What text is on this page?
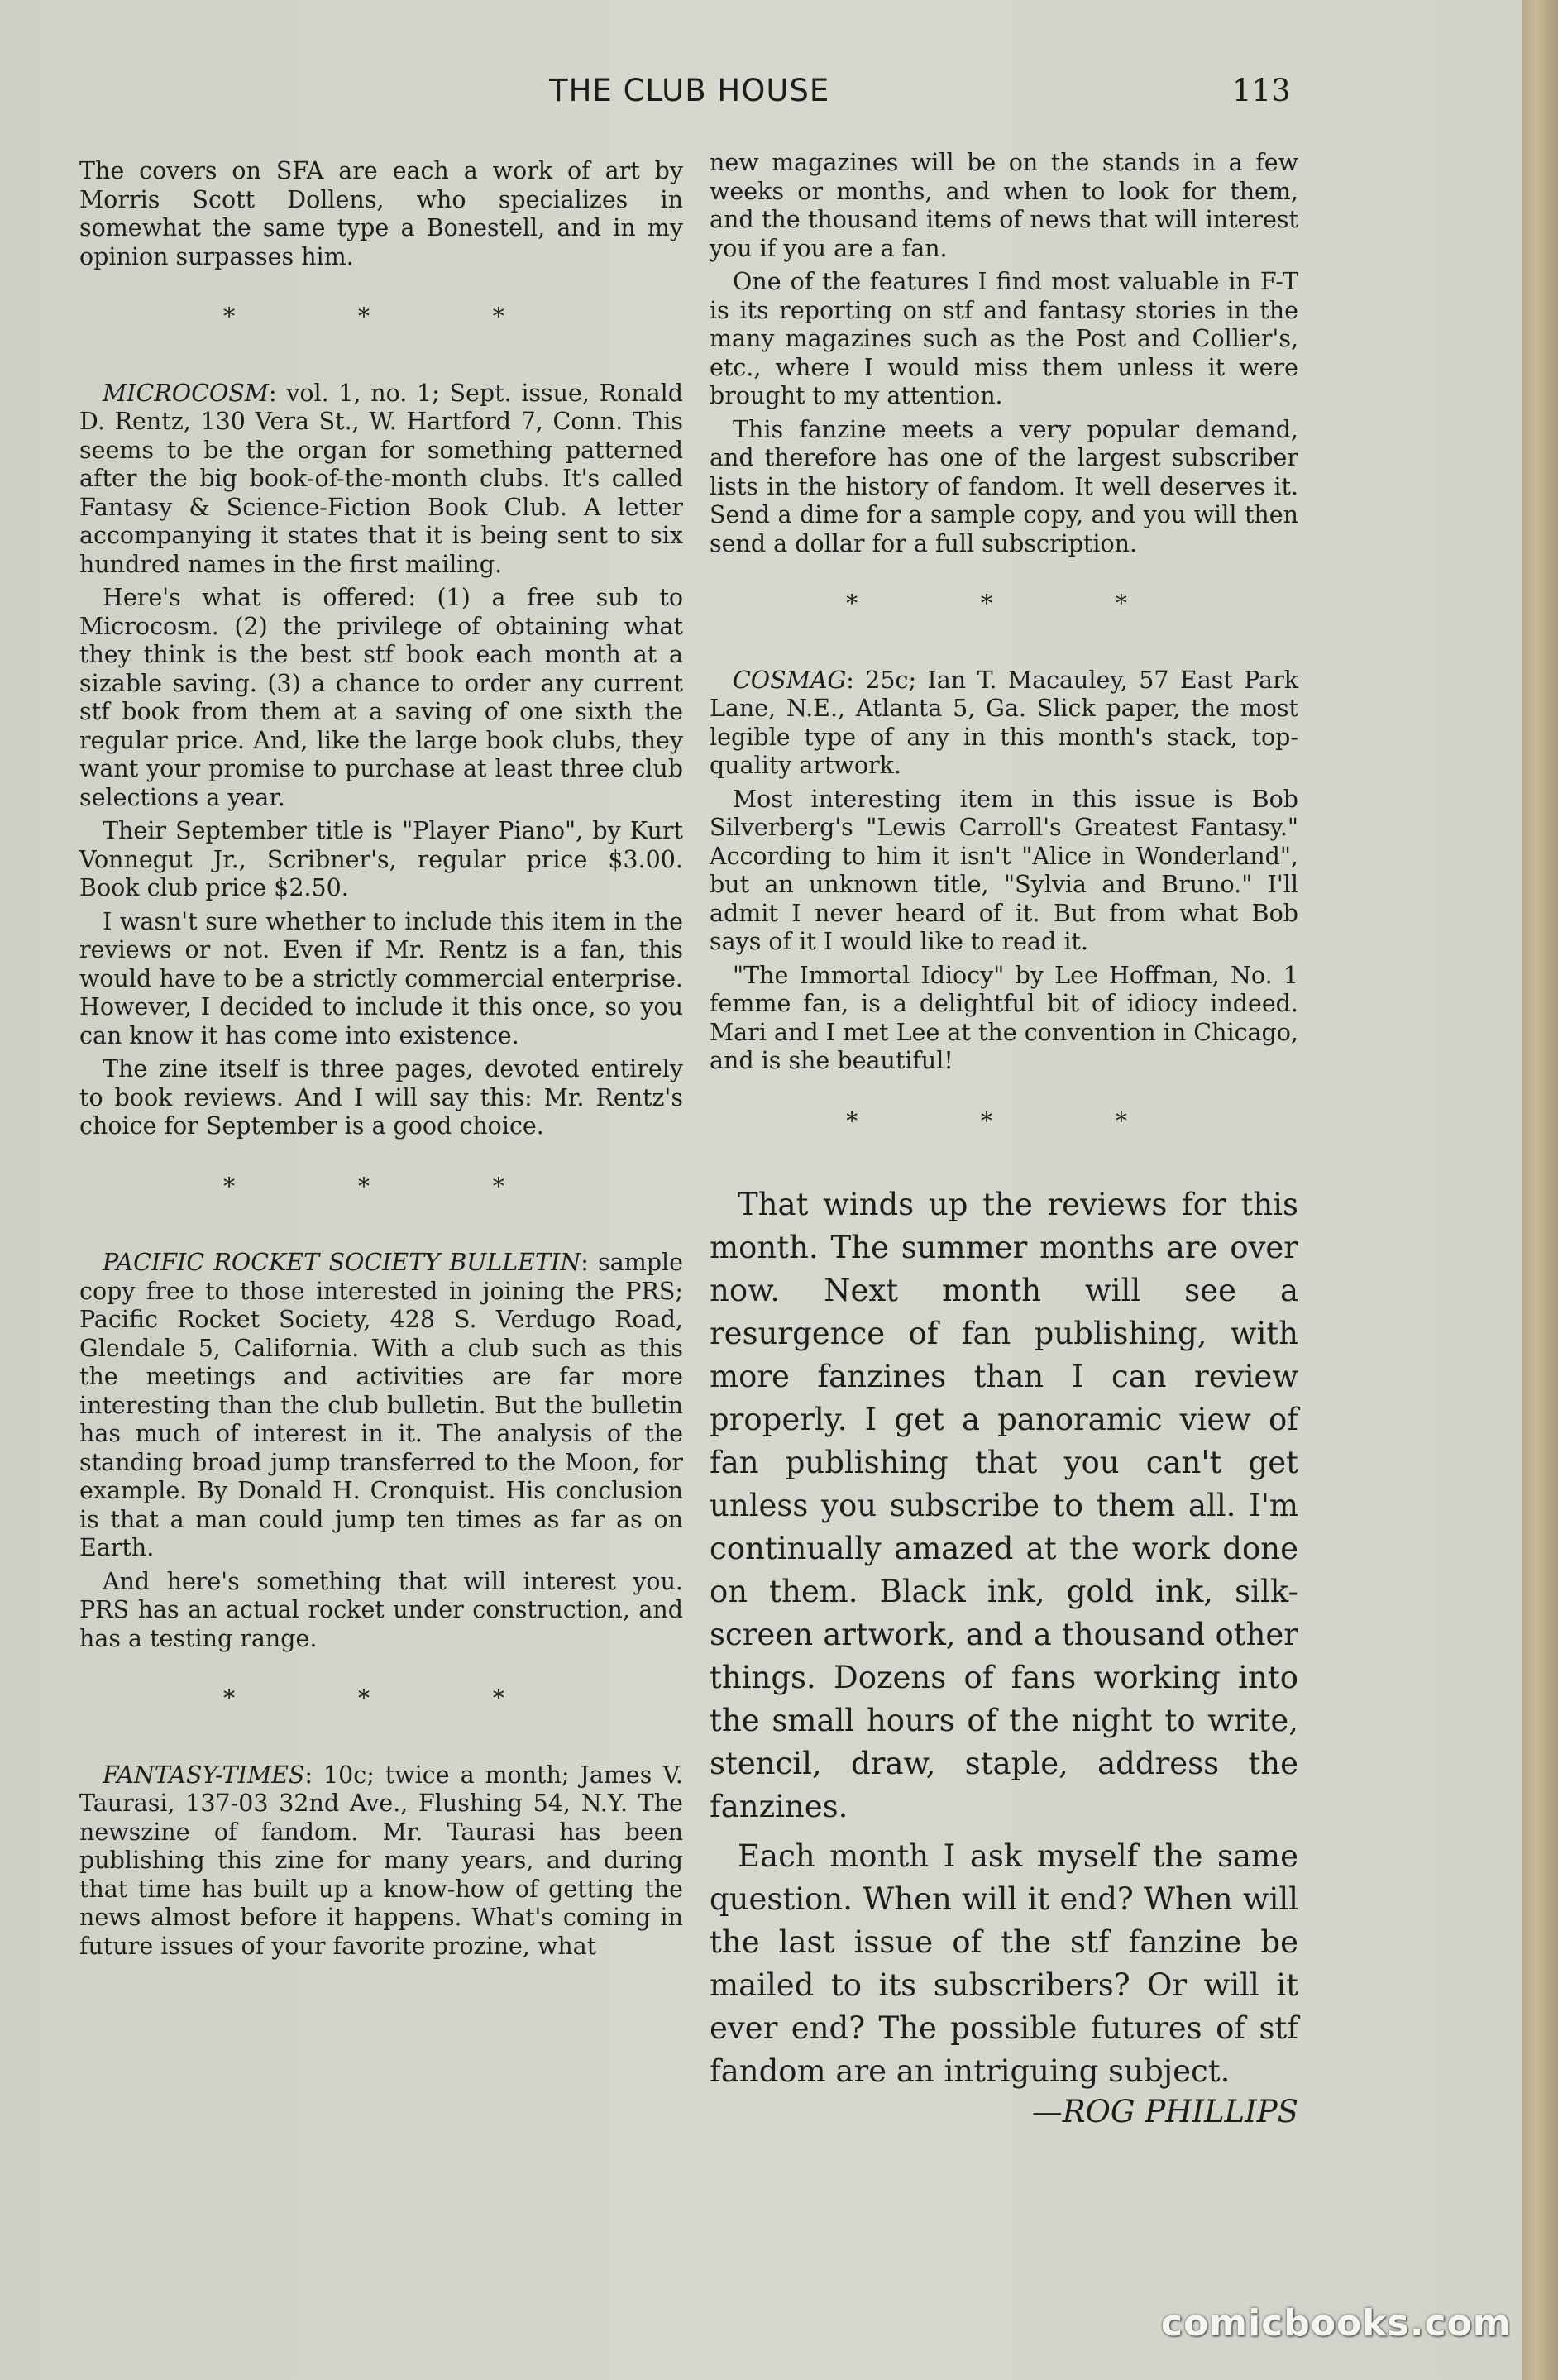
THE CLUB HOUSE	113

The covers on SFA are each a work of art by Morris Scott Dollens, who specializes in somewhat the same type a Bonestell, and in my opinion surpasses him.

* * *

MICROCOSM: vol. 1, no. 1; Sept. issue, Ronald D. Rentz, 130 Vera St., W. Hartford 7, Conn. This seems to be the organ for something patterned after the big book-of-the-month clubs. It's called Fantasy & Science-Fiction Book Club. A letter accompanying it states that it is being sent to six hundred names in the first mailing.

Here's what is offered: (1) a free sub to Microcosm. (2) the privilege of obtaining what they think is the best stf book each month at a sizable saving. (3) a chance to order any current stf book from them at a saving of one sixth the regular price. And, like the large book clubs, they want your promise to purchase at least three club selections a year.

Their September title is "Player Piano", by Kurt Vonnegut Jr., Scribner's, regular price $3.00. Book club price $2.50.

I wasn't sure whether to include this item in the reviews or not. Even if Mr. Rentz is a fan, this would have to be a strictly commercial enterprise. However, I decided to include it this once, so you can know it has come into existence.

The zine itself is three pages, devoted entirely to book reviews. And I will say this: Mr. Rentz's choice for September is a good choice.

* * *

PACIFIC ROCKET SOCIETY BULLETIN: sample copy free to those interested in joining the PRS; Pacific Rocket Society, 428 S. Verdugo Road, Glendale 5, California. With a club such as this the meetings and activities are far more interesting than the club bulletin. But the bulletin has much of interest in it. The analysis of the standing broad jump transferred to the Moon, for example. By Donald H. Cronquist. His conclusion is that a man could jump ten times as far as on Earth.

And here's something that will interest you. PRS has an actual rocket under construction, and has a testing range.

* * *

FANTASY-TIMES: 10c; twice a month; James V. Taurasi, 137-03 32nd Ave., Flushing 54, N.Y. The newszine of fandom. Mr. Taurasi has been publishing this zine for many years, and during that time has built up a know-how of getting the news almost before it happens. What's coming in future issues of your favorite prozine, what

new magazines will be on the stands in a few weeks or months, and when to look for them, and the thousand items of news that will interest you if you are a fan.

One of the features I find most valuable in F-T is its reporting on stf and fantasy stories in the many magazines such as the Post and Collier's, etc., where I would miss them unless it were brought to my attention.

This fanzine meets a very popular demand, and therefore has one of the largest subscriber lists in the history of fandom. It well deserves it. Send a dime for a sample copy, and you will then send a dollar for a full subscription.

* * *

COSMAG: 25c; Ian T. Macauley, 57 East Park Lane, N.E., Atlanta 5, Ga. Slick paper, the most legible type of any in this month's stack, top-quality artwork.

Most interesting item in this issue is Bob Silverberg's "Lewis Carroll's Greatest Fantasy." According to him it isn't "Alice in Wonderland", but an unknown title, "Sylvia and Bruno." I'll admit I never heard of it. But from what Bob says of it I would like to read it.

"The Immortal Idiocy" by Lee Hoffman, No. 1 femme fan, is a delightful bit of idiocy indeed. Mari and I met Lee at the convention in Chicago, and is she beautiful!

* * *

That winds up the reviews for this month. The summer months are over now. Next month will see a resurgence of fan publishing, with more fanzines than I can review properly. I get a panoramic view of fan publishing that you can't get unless you subscribe to them all. I'm continually amazed at the work done on them. Black ink, gold ink, silk-screen artwork, and a thousand other things. Dozens of fans working into the small hours of the night to write, stencil, draw, staple, address the fanzines.

Each month I ask myself the same question. When will it end? When will the last issue of the stf fanzine be mailed to its subscribers? Or will it ever end? The possible futures of stf fandom are an intriguing subject.

—ROG PHILLIPS
comicbooks.com
